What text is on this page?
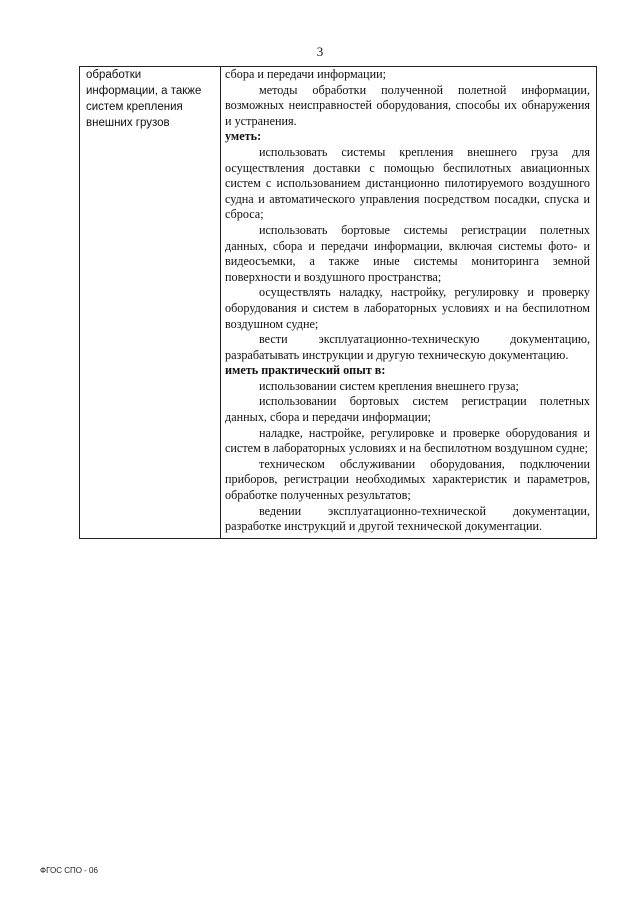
3
обработки
информации, а также
систем крепления
внешних грузов

сбора и передачи информации;

методы обработки полученной полетной информации, возможных неисправностей оборудования, способы их обнаружения и устранения.

уметь:

использовать системы крепления внешнего груза для осуществления доставки с помощью беспилотных авиационных систем с использованием дистанционно пилотируемого воздушного судна и автоматического управления посредством посадки, спуска и сброса;

использовать бортовые системы регистрации полетных данных, сбора и передачи информации, включая системы фото- и видеосъемки, а также иные системы мониторинга земной поверхности и воздушного пространства;

осуществлять наладку, настройку, регулировку и проверку оборудования и систем в лабораторных условиях и на беспилотном воздушном судне;

вести эксплуатационно-техническую документацию, разрабатывать инструкции и другую техническую документацию.

иметь практический опыт в:

использовании систем крепления внешнего груза;

использовании бортовых систем регистрации полетных данных, сбора и передачи информации;

наладке, настройке, регулировке и проверке оборудования и систем в лабораторных условиях и на беспилотном воздушном судне;

техническом обслуживании оборудования, подключении приборов, регистрации необходимых характеристик и параметров, обработке полученных результатов;

ведении эксплуатационно-технической документации, разработке инструкций и другой технической документации.

ФГОС СПО - 06
